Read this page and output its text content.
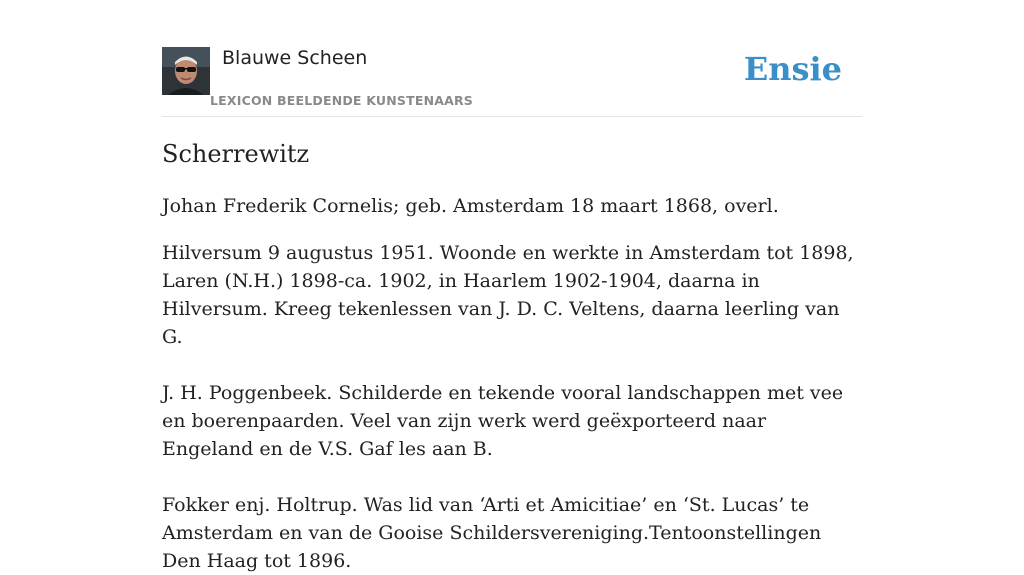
Blauwe Scheen
LEXICON BEELDENDE KUNSTENAARS
Ensie
Scherrewitz

Johan Frederik Cornelis; geb. Amsterdam 18 maart 1868, overl.

Hilversum 9 augustus 1951. Woonde en werkte in Amsterdam tot 1898, Laren (N.H.) 1898-ca. 1902, in Haarlem 1902-1904, daarna in Hilversum. Kreeg tekenlessen van J. D. C. Veltens, daarna leerling van G.

J. H. Poggenbeek. Schilderde en tekende vooral landschappen met vee en boerenpaarden. Veel van zijn werk werd geëxporteerd naar Engeland en de V.S. Gaf les aan B.

Fokker enj. Holtrup. Was lid van ‘Arti et Amicitiae’ en ‘St. Lucas’ te Amsterdam en van de Gooise Schildersvereniging.Tentoonstellingen Den Haag tot 1896.
